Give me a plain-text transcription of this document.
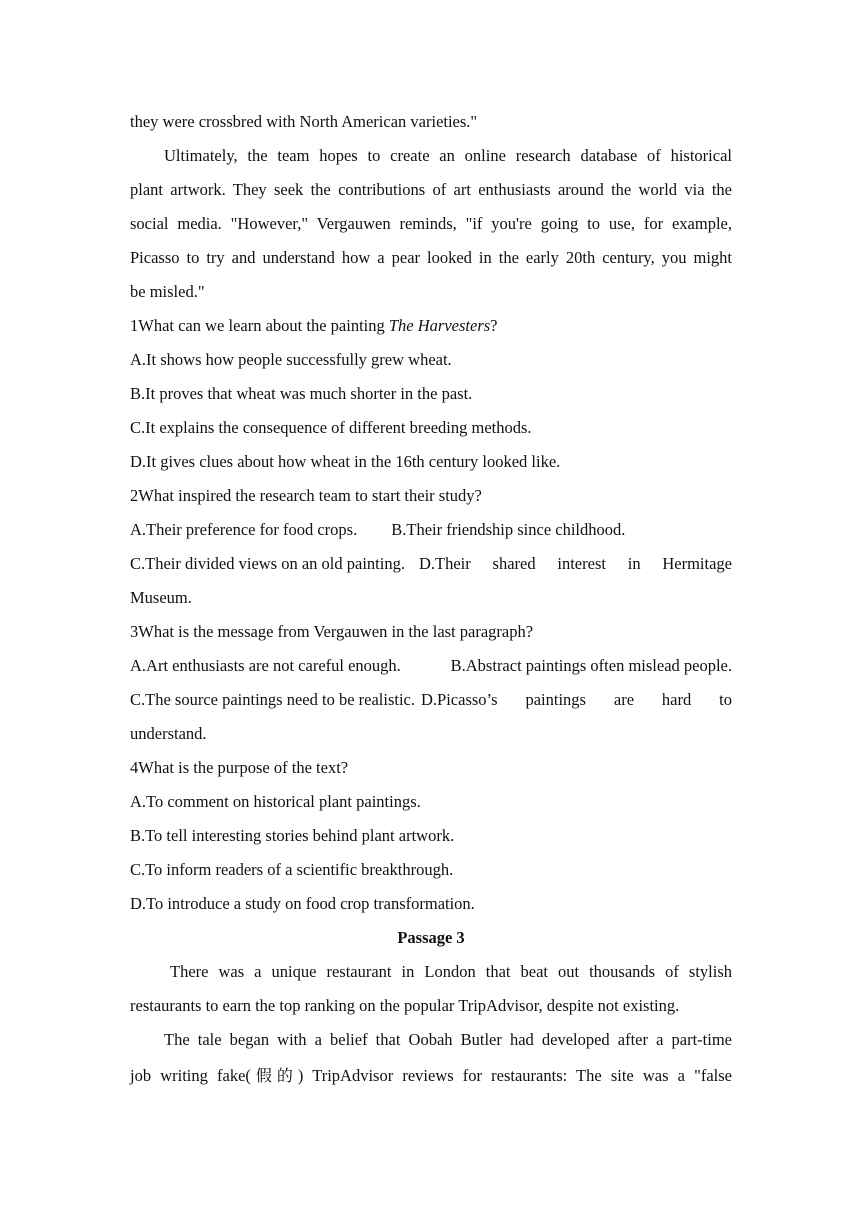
they were crossbred with North American varieties."
Ultimately, the team hopes to create an online research database of historical
plant artwork. They seek the contributions of art enthusiasts around the world via the
social media. "However," Vergauwen reminds, "if you're going to use, for example,
Picasso to try and understand how a pear looked in the early 20th century, you might
be misled."
1What can we learn about the painting The Harvesters?
A.It shows how people successfully grew wheat.
B.It proves that wheat was much shorter in the past.
C.It explains the consequence of different breeding methods.
D.It gives clues about how wheat in the 16th century looked like.
2What inspired the research team to start their study?
A.Their preference for food crops. B.Their friendship since childhood.
C.Their divided views on an old painting. D.Their shared interest in Hermitage
Museum.
3What is the message from Vergauwen in the last paragraph?
A.Art enthusiasts are not careful enough.	B.Abstract paintings often mislead people.
C.The source paintings need to be realistic. D.Picasso’s paintings are hard to
understand.
4What is the purpose of the text?
A.To comment on historical plant paintings.
B.To tell interesting stories behind plant artwork.
C.To inform readers of a scientific breakthrough.
D.To introduce a study on food crop transformation.
Passage 3
There was a unique restaurant in London that beat out thousands of stylish
restaurants to earn the top ranking on the popular TripAdvisor, despite not existing.
The tale began with a belief that Oobah Butler had developed after a part-time
job writing fake(假的) TripAdvisor reviews for restaurants: The site was a "false
